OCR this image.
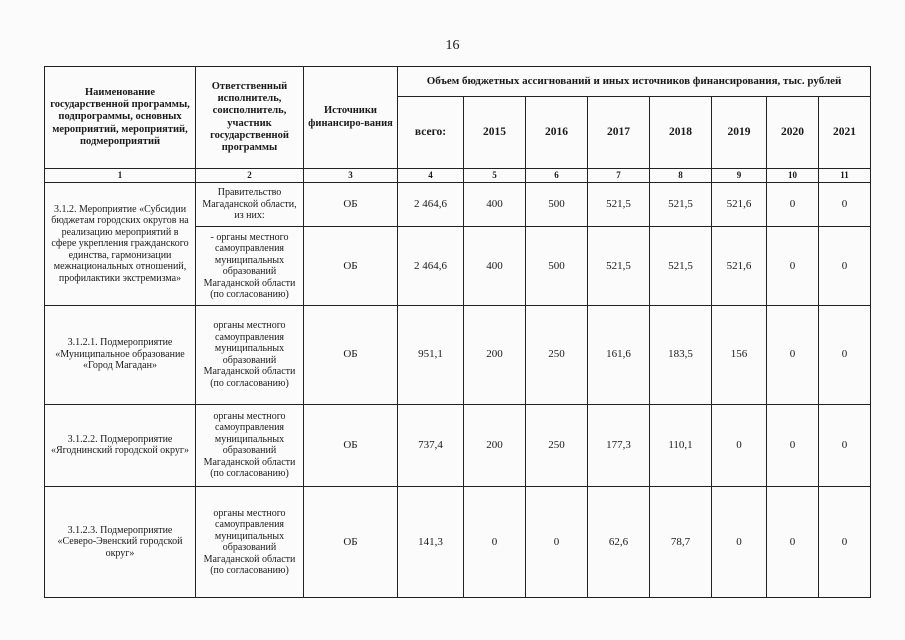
16
Наименование государственной программы, подпрограммы, основных мероприятий, мероприятий, подмероприятий	Ответственный исполнитель, соисполнитель, участник государственной программы	Источники финансиро-вания	Объем бюджетных ассигнований и иных источников финансирования, тыс. рублей							
			всего:	2015	2016	2017	2018	2019	2020	2021
1	2	3	4	5	6	7	8	9	10	11
3.1.2. Мероприятие «Субсидии бюджетам городских округов на реализацию мероприятий в сфере укрепления гражданского единства, гармонизации межнациональных отношений, профилактики экстремизма»	Правительство Магаданской области, из них:	ОБ	2 464,6	400	500	521,5	521,5	521,6	0	0
	- органы местного самоуправления муниципальных образований Магаданской области (по согласованию)	ОБ	2 464,6	400	500	521,5	521,5	521,6	0	0
3.1.2.1. Подмероприятие «Муниципальное образование «Город Магадан»	органы местного самоуправления муниципальных образований Магаданской области (по согласованию)	ОБ	951,1	200	250	161,6	183,5	156	0	0
3.1.2.2. Подмероприятие «Ягоднинский городской округ»	органы местного самоуправления муниципальных образований Магаданской области (по согласованию)	ОБ	737,4	200	250	177,3	110,1	0	0	0
3.1.2.3. Подмероприятие «Северо-Эвенский городской округ»	органы местного самоуправления муниципальных образований Магаданской области (по согласованию)	ОБ	141,3	0	0	62,6	78,7	0	0	0
